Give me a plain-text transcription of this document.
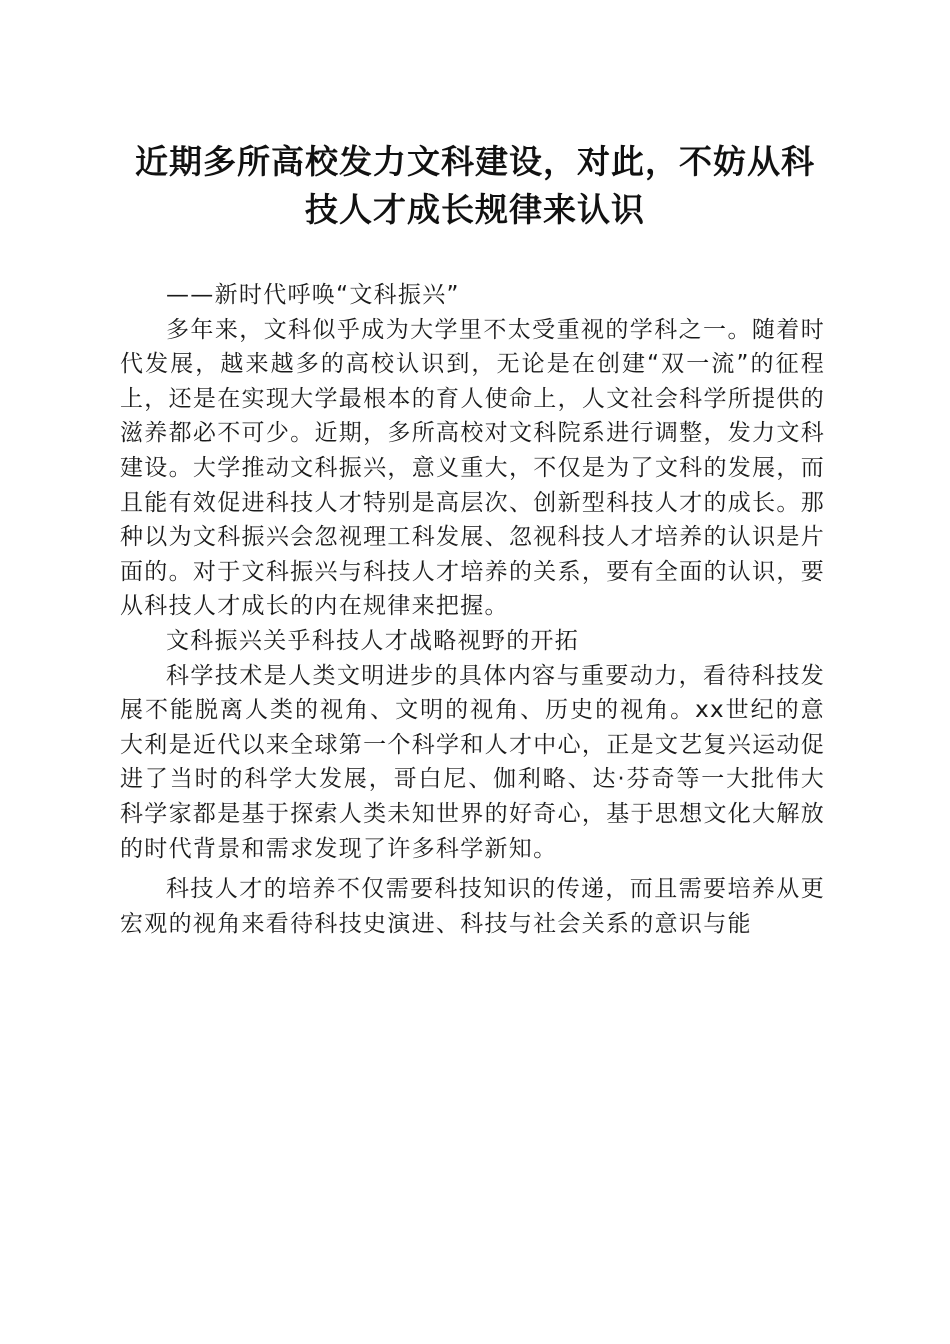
近期多所高校发力文科建设，对此，不妨从科
技人才成长规律来认识

——新时代呼唤“文科振兴”

多年来，文科似乎成为大学里不太受重视的学科之一。随着时代发展，越来越多的高校认识到，无论是在创建“双一流”的征程上，还是在实现大学最根本的育人使命上，人文社会科学所提供的滋养都必不可少。近期，多所高校对文科院系进行调整，发力文科建设。大学推动文科振兴，意义重大，不仅是为了文科的发展，而且能有效促进科技人才特别是高层次、创新型科技人才的成长。那种以为文科振兴会忽视理工科发展、忽视科技人才培养的认识是片面的。对于文科振兴与科技人才培养的关系，要有全面的认识，要从科技人才成长的内在规律来把握。

文科振兴关乎科技人才战略视野的开拓

科学技术是人类文明进步的具体内容与重要动力，看待科技发展不能脱离人类的视角、文明的视角、历史的视角。xx世纪的意大利是近代以来全球第一个科学和人才中心，正是文艺复兴运动促进了当时的科学大发展，哥白尼、伽利略、达·芬奇等一大批伟大科学家都是基于探索人类未知世界的好奇心，基于思想文化大解放的时代背景和需求发现了许多科学新知。

科技人才的培养不仅需要科技知识的传递，而且需要培养从更宏观的视角来看待科技史演进、科技与社会关系的意识与能
